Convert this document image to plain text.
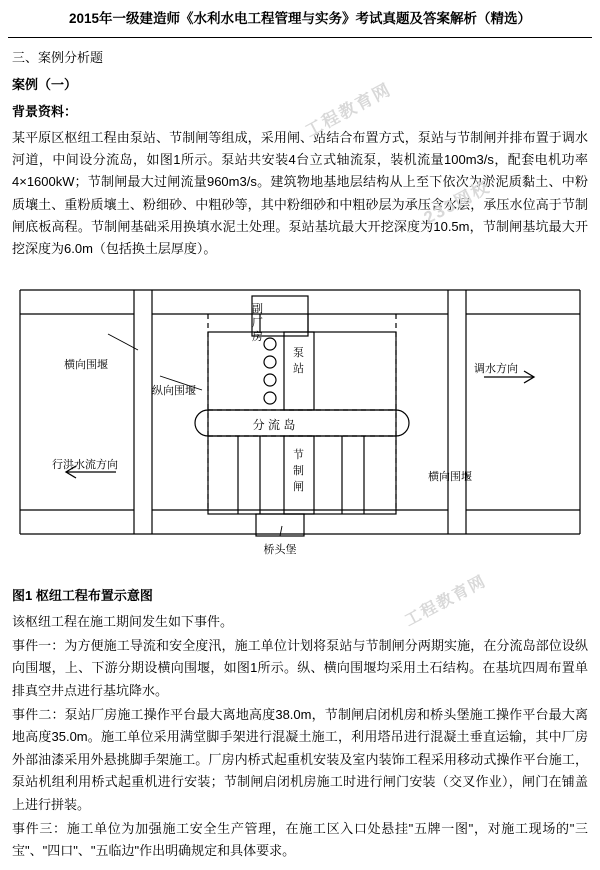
工程教育网
233网校
工程教育网
2015年一级建造师《水利水电工程管理与实务》考试真题及答案解析（精选）
三、案例分析题
案例（一）
背景资料：
某平原区枢纽工程由泵站、节制闸等组成，采用闸、站结合布置方式，泵站与节制闸并排布置于调水河道，中间设分流岛，如图1所示。泵站共安装4台立式轴流泵，装机流量100m3/s，配套电机功率4×1600kW；节制闸最大过闸流量960m3/s。建筑物地基地层结构从上至下依次为淤泥质黏土、中粉质壤土、重粉质壤土、粉细砂、中粗砂等，其中粉细砂和中粗砂层为承压含水层，承压水位高于节制闸底板高程。节制闸基础采用换填水泥土处理。泵站基坑最大开挖深度为10.5m，节制闸基坑最大开挖深度为6.0m（包括换土层厚度）。
副
厂
房
泵
站
节
制
闸
分 流 岛
桥头堡
横向围堰
纵向围堰
横向围堰
行洪水流方向
调水方向
图1 枢纽工程布置示意图
该枢纽工程在施工期间发生如下事件。
事件一：为方便施工导流和安全度汛，施工单位计划将泵站与节制闸分两期实施，在分流岛部位设纵向围堰，上、下游分期设横向围堰，如图1所示。纵、横向围堰均采用土石结构。在基坑四周布置单排真空井点进行基坑降水。
事件二：泵站厂房施工操作平台最大离地高度38.0m，节制闸启闭机房和桥头堡施工操作平台最大离地高度35.0m。施工单位采用满堂脚手架进行混凝土施工，利用塔吊进行混凝土垂直运输，其中厂房外部油漆采用外悬挑脚手架施工。厂房内桥式起重机安装及室内装饰工程采用移动式操作平台施工，泵站机组利用桥式起重机进行安装；节制闸启闭机房施工时进行闸门安装（交叉作业），闸门在铺盖上进行拼装。
事件三：施工单位为加强施工安全生产管理，在施工区入口处悬挂"五牌一图"，对施工现场的"三宝"、"四口"、"五临边"作出明确规定和具体要求。
